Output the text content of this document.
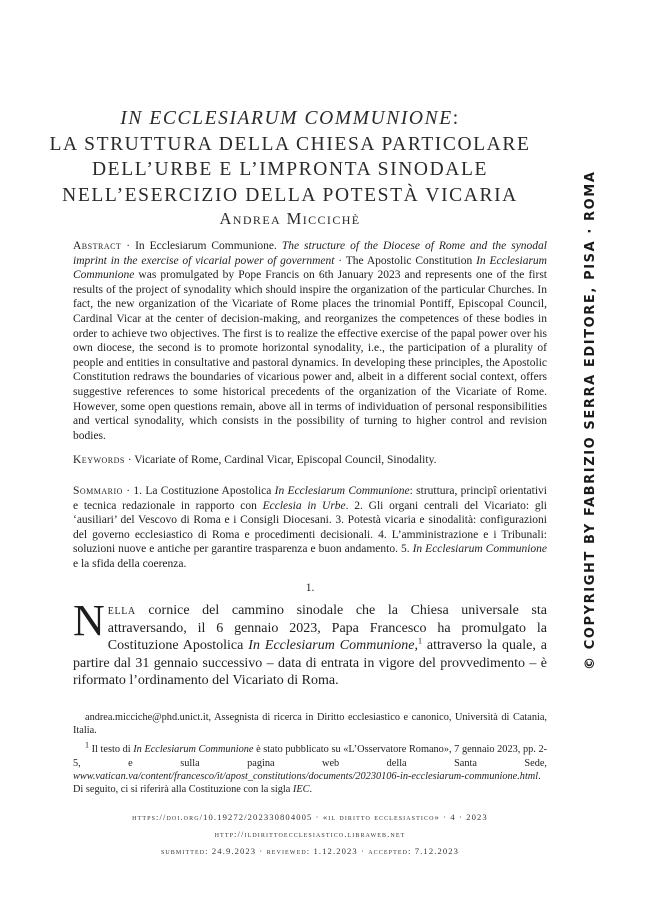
IN ECCLESIARUM COMMUNIONE:
LA STRUTTURA DELLA CHIESA PARTICOLARE
DELL’URBE E L’IMPRONTA SINODALE
NELL’ESERCIZIO DELLA POTESTÀ VICARIA
Andrea Miccichè
Abstract · In Ecclesiarum Communione. The structure of the Diocese of Rome and the synodal imprint in the exercise of vicarial power of government · The Apostolic Constitution In Ecclesiarum Communione was promulgated by Pope Francis on 6th January 2023 and represents one of the first results of the project of synodality which should inspire the organization of the particular Churches. In fact, the new organization of the Vicariate of Rome places the trinomial Pontiff, Episcopal Council, Cardinal Vicar at the center of decision-making, and reorganizes the competences of these bodies in order to achieve two objectives. The first is to realize the effective exercise of the papal power over his own diocese, the second is to promote horizontal synodality, i.e., the participation of a plurality of people and entities in consultative and pastoral dynamics. In developing these principles, the Apostolic Constitution redraws the boundaries of vicarious power and, albeit in a different social context, offers suggestive references to some historical precedents of the organization of the Vicariate of Rome. However, some open questions remain, above all in terms of individuation of personal responsibilities and vertical synodality, which consists in the possibility of turning to higher control and revision bodies.
Keywords · Vicariate of Rome, Cardinal Vicar, Episcopal Council, Sinodality.
Sommario · 1. La Costituzione Apostolica In Ecclesiarum Communione: struttura, principî orientativi e tecnica redazionale in rapporto con Ecclesia in Urbe. 2. Gli organi centrali del Vicariato: gli ‘ausiliari’ del Vescovo di Roma e i Consigli Diocesani. 3. Potestà vicaria e sinodalità: configurazioni del governo ecclesiastico di Roma e procedimenti decisionali. 4. L’amministrazione e i Tribunali: soluzioni nuove e antiche per garantire trasparenza e buon andamento. 5. In Ecclesiarum Communione e la sfida della coerenza.
1.
Nella cornice del cammino sinodale che la Chiesa universale sta attraversando, il 6 gennaio 2023, Papa Francesco ha promulgato la Costituzione Apostolica In Ecclesiarum Communione,$^1$ attraverso la quale, a partire dal 31 gennaio successivo – data di entrata in vigore del provvedimento – è riformato l’ordinamento del Vicariato di Roma.

andrea.micciche@phd.unict.it, Assegnista di ricerca in Diritto ecclesiastico e canonico, Università di Catania, Italia.

$^1$ Il testo di In Ecclesiarum Communione è stato pubblicato su «L’Osservatore Romano», 7 gennaio 2023, pp. 2-5, e sulla pagina web della Santa Sede, www.vatican.va/content/francesco/it/apost_constitutions/documents/20230106-in-ecclesiarum-communione.html. Di seguito, ci si riferirà alla Costituzione con la sigla IEC.

https://doi.org/10.19272/202330804005 · «il diritto ecclesiastico» · 4 · 2023
http://ildirittoecclesiastico.libraweb.net
submitted: 24.9.2023 · reviewed: 1.12.2023 · accepted: 7.12.2023
© COPYRIGHT BY FABRIZIO SERRA EDITORE, PISA · ROMA
